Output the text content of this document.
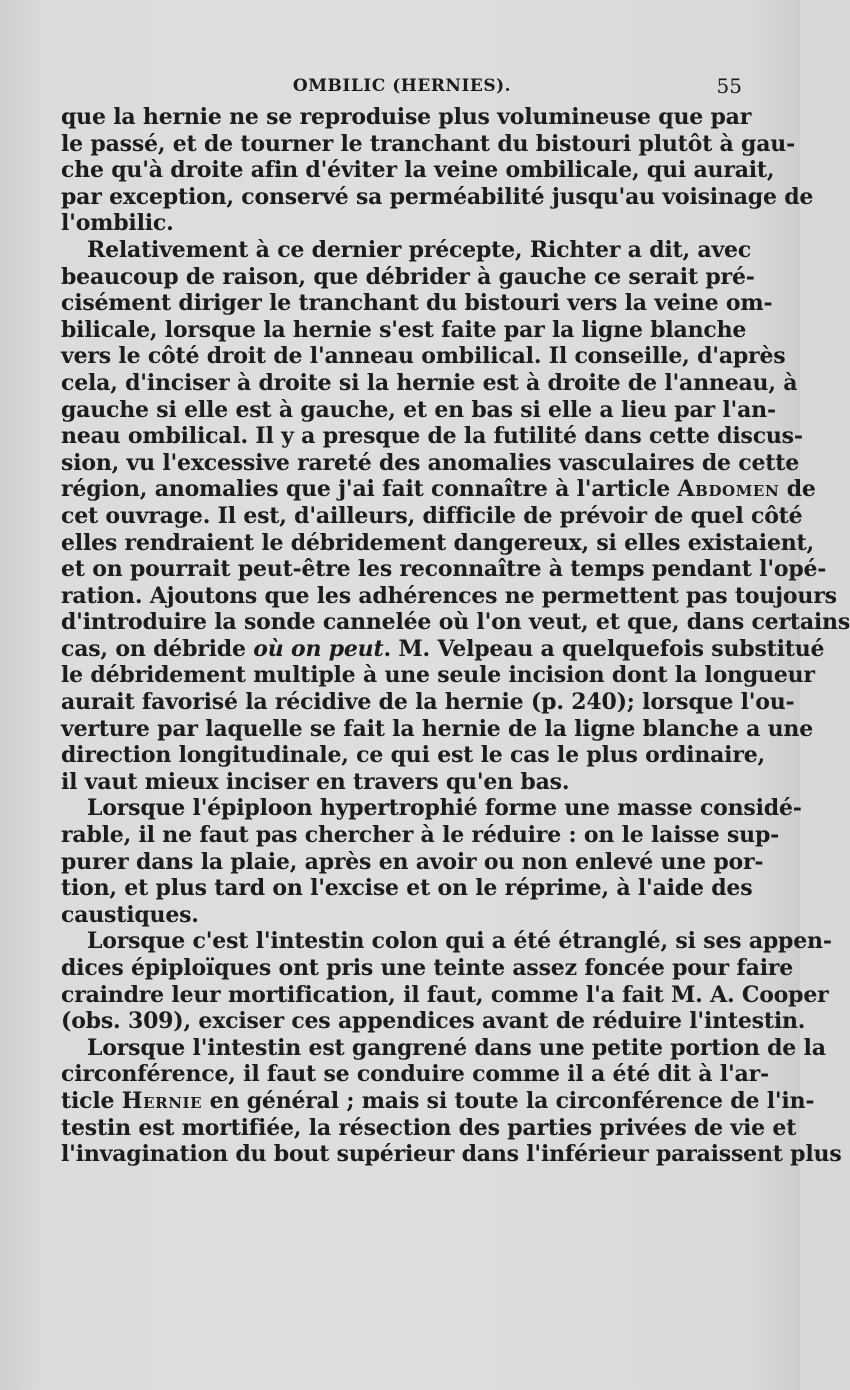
OMBILIC (HERNIES).	55
que la hernie ne se reproduise plus volumineuse que par
le passé, et de tourner le tranchant du bistouri plutôt à gau-
che qu'à droite afin d'éviter la veine ombilicale, qui aurait,
par exception, conservé sa perméabilité jusqu'au voisinage de
l'ombilic.
Relativement à ce dernier précepte, Richter a dit, avec
beaucoup de raison, que débrider à gauche ce serait pré-
cisément diriger le tranchant du bistouri vers la veine om-
bilicale, lorsque la hernie s'est faite par la ligne blanche
vers le côté droit de l'anneau ombilical. Il conseille, d'après
cela, d'inciser à droite si la hernie est à droite de l'anneau, à
gauche si elle est à gauche, et en bas si elle a lieu par l'an-
neau ombilical. Il y a presque de la futilité dans cette discus-
sion, vu l'excessive rareté des anomalies vasculaires de cette
région, anomalies que j'ai fait connaître à l'article Abdomen de
cet ouvrage. Il est, d'ailleurs, difficile de prévoir de quel côté
elles rendraient le débridement dangereux, si elles existaient,
et on pourrait peut-être les reconnaître à temps pendant l'opé-
ration. Ajoutons que les adhérences ne permettent pas toujours
d'introduire la sonde cannelée où l'on veut, et que, dans certains
cas, on débride où on peut. M. Velpeau a quelquefois substitué
le débridement multiple à une seule incision dont la longueur
aurait favorisé la récidive de la hernie (p. 240); lorsque l'ou-
verture par laquelle se fait la hernie de la ligne blanche a une
direction longitudinale, ce qui est le cas le plus ordinaire,
il vaut mieux inciser en travers qu'en bas.
Lorsque l'épiploon hypertrophié forme une masse considé-
rable, il ne faut pas chercher à le réduire : on le laisse sup-
purer dans la plaie, après en avoir ou non enlevé une por-
tion, et plus tard on l'excise et on le réprime, à l'aide des
caustiques.
Lorsque c'est l'intestin colon qui a été étranglé, si ses appen-
dices épiploïques ont pris une teinte assez foncée pour faire
craindre leur mortification, il faut, comme l'a fait M. A. Cooper
(obs. 309), exciser ces appendices avant de réduire l'intestin.
Lorsque l'intestin est gangrené dans une petite portion de la
circonférence, il faut se conduire comme il a été dit à l'ar-
ticle Hernie en général ; mais si toute la circonférence de l'in-
testin est mortifiée, la résection des parties privées de vie et
l'invagination du bout supérieur dans l'inférieur paraissent plus
